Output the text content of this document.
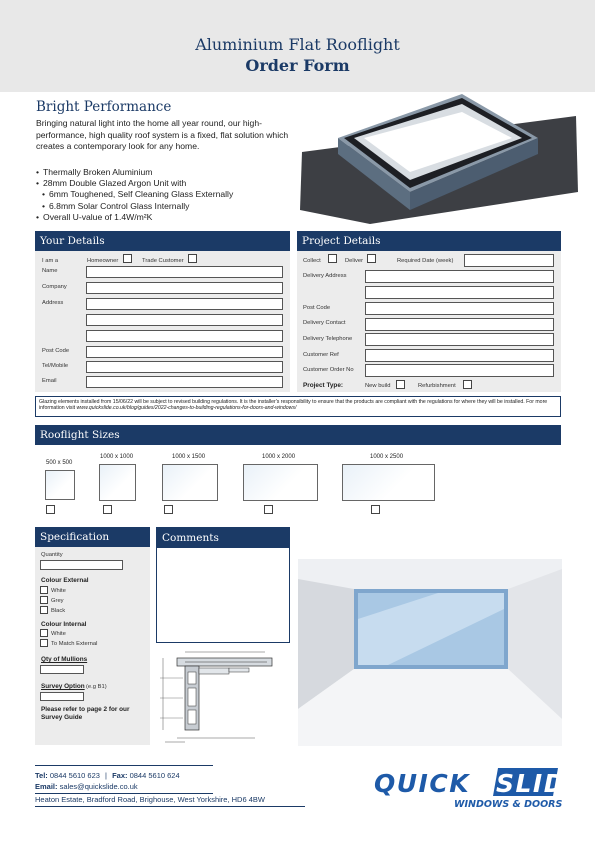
Aluminium Flat Rooflight
Order Form
Bright Performance
Bringing natural light into the home all year round, our high-performance, high quality roof system is a fixed, flat solution which creates a contemporary look for any home.
• Thermally Broken Aluminium
• 28mm Double Glazed Argon Unit with
• 6mm Toughened, Self Cleaning Glass Externally
• 6.8mm Solar Control Glass Internally
• Overall U-value of 1.4W/m²K
Your Details
I am a	Homeowner	Trade Customer
Name
Company
Address
Post Code
Tel/Mobile
Email
Project Details
Collect	Deliver	Required Date (week)
Delivery Address
Post Code
Delivery Contact
Delivery Telephone
Customer Ref
Customer Order No
Project Type:	New build	Refurbishment
Glazing elements installed from 15/06/22 will be subject to revised building regulations. It is the installer's responsibility to ensure that the products are compliant with the regulations for where they will be installed. For more information visit www.quickslide.co.uk/blog/guides/2022-changes-to-building-regulations-for-doors-and-windows/
Rooflight Sizes
500 x 500
1000 x 1000	1000 x 1500	1000 x 2000	1000 x 2500
Specification
Quantity
Colour External
White
Grey
Black
Colour Internal
White
To Match External
Qty of Mullions
Survey Option (e.g B1)
Please refer to page 2 for our Survey Guide
Comments
Tel: 0844 5610 623 | Fax: 0844 5610 624
Email: sales@quickslide.co.uk
Heaton Estate, Bradford Road, Brighouse, West Yorkshire, HD6 4BW
QUICK SLIDE
WINDOWS & DOORS
